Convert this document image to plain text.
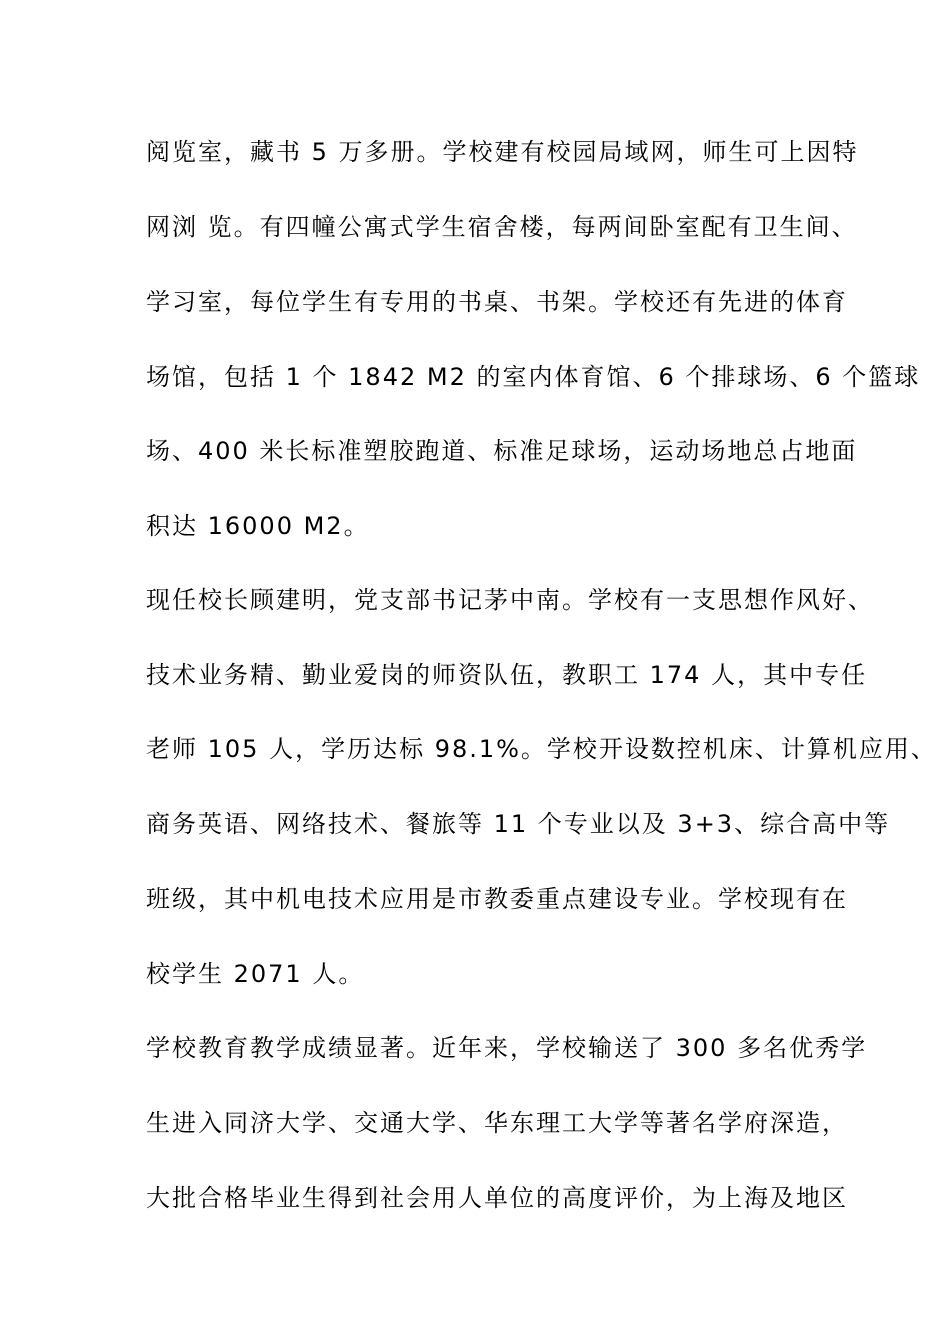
阅览室，藏书 5 万多册。学校建有校园局域网，师生可上因特

网浏 览。有四幢公寓式学生宿舍楼，每两间卧室配有卫生间、

学习室，每位学生有专用的书桌、书架。学校还有先进的体育

场馆，包括 1 个 1842 M2 的室内体育馆、6 个排球场、6 个篮球

场、400 米长标准塑胶跑道、标准足球场，运动场地总占地面

积达 16000 M2。

现任校长顾建明，党支部书记茅中南。学校有一支思想作风好、

技术业务精、勤业爱岗的师资队伍，教职工 174 人，其中专任

老师 105 人，学历达标 98.1%。学校开设数控机床、计算机应用、

商务英语、网络技术、餐旅等 11 个专业以及 3+3、综合高中等

班级，其中机电技术应用是市教委重点建设专业。学校现有在

校学生 2071 人。

学校教育教学成绩显著。近年来，学校输送了 300 多名优秀学

生进入同济大学、交通大学、华东理工大学等著名学府深造，

大批合格毕业生得到社会用人单位的高度评价，为上海及地区
